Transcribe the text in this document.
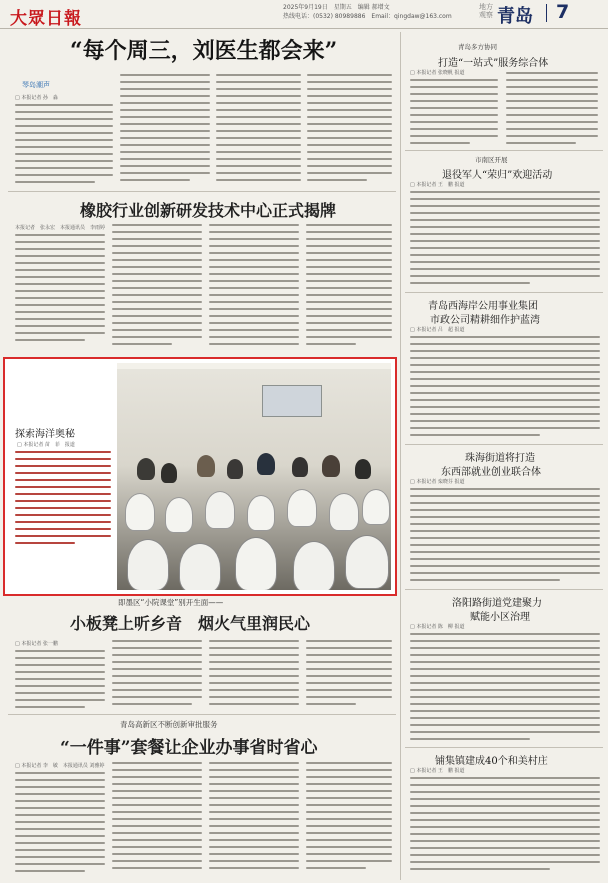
大眾日報
2025年9月19日　星期五　编辑 郝增文
热线电话：(0532) 80989886　Email：qingdaw@163.com
地方观察 青岛 7
“每个周三，刘医生都会来”
琴岛潮声
□ 本报记者 孙　淼
橡胶行业创新研发技术中心正式揭牌
本报记者　张永宏　本报通讯员　李雨婷
探索海洋奥秘
□ 本报记者 苗　菲　报道
即墨区“小院课堂”别开生面——
小板凳上听乡音　烟火气里润民心
□ 本报记者 张一鹏
青岛高新区不断创新审批服务
“一件事”套餐让企业办事省时省心
□ 本报记者 李　敏　本报通讯员 刘雅婷
青岛多方协同
打造“一站式”服务综合体
□ 本报记者 张晓帆 报道
市南区开展
退役军人“荣归”欢迎活动
□ 本报记者 王　鹏 报道
青岛西海岸公用事业集团
市政公司精耕细作护蓝湾
□ 本报记者 吕　超 报道
珠海街道将打造
东西部就业创业联合体
□ 本报记者 栾晓芬 报道
洛阳路街道党建聚力
赋能小区治理
□ 本报记者 陈　柳 报道
铺集镇建成40个和美村庄
□ 本报记者 王　鹏 报道
